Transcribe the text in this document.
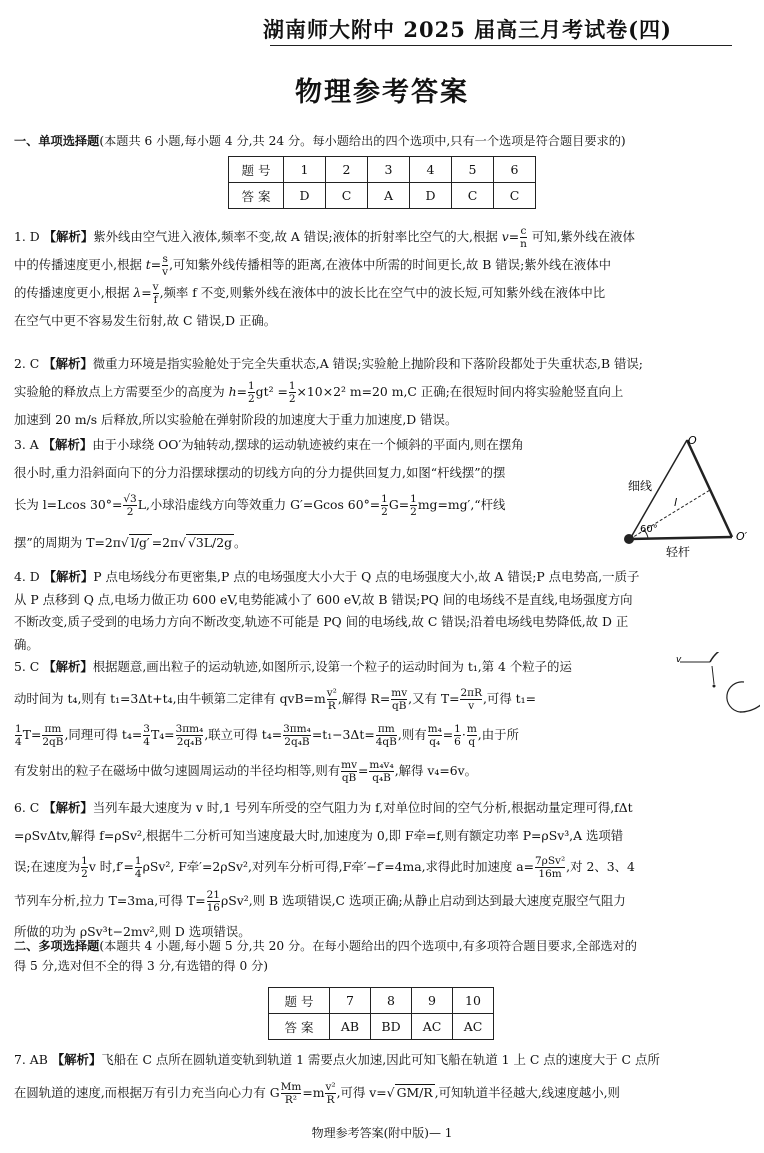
湖南师大附中 2025 届高三月考试卷(四)
物理参考答案
一、单项选择题(本题共 6 小题,每小题 4 分,共 24 分。每小题给出的四个选项中,只有一个选项是符合题目要求的)
题 号	1	2	3	4	5	6
答 案	D	C	A	D	C	C

1. D 【解析】紫外线由空气进入液体,频率不变,故 A 错误;液体的折射率比空气的大,根据 $v= \frac{c}{n}$ 可知,紫外线在液体

中的传播速度更小,根据 $t= \frac{s}{v}$ ,可知紫外线传播相等的距离,在液体中所需的时间更长,故 B 错误;紫外线在液体中

的传播速度更小,根据 $\lambda= \frac{v}{f}$ ,频率 f 不变,则紫外线在液体中的波长比在空气中的波长短,可知紫外线在液体中比

在空气中更不容易发生衍射,故 C 错误,D 正确。

2. C 【解析】微重力环境是指实验舱处于完全失重状态,A 错误;实验舱上抛阶段和下落阶段都处于失重状态,B 错误;

实验舱的释放点上方需要至少的高度为 $h= \frac{1}{2} gt^2 = \frac{1}{2} \times 10\times 2^2$ m=20 m,C 正确;在很短时间内将实验舱竖直向上

加速到 20 m/s 后释放,所以实验舱在弹射阶段的加速度大于重力加速度,D 错误。

3. A 【解析】由于小球绕 OO′为轴转动,摆球的运动轨迹被约束在一个倾斜的平面内,则在摆角

很小时,重力沿斜面向下的分力沿摆球摆动的切线方向的分力提供回复力,如图“杆线摆”的摆

长为 l=Lcos $30^\circ= \frac{√3}{2} L$,小球沿虚线方向等效重力 G′=Gcos $60^\circ= \frac{1}{2} G= \frac{1}{2}$ mg=mg′,“杆线

摆”的周期为 T=2π√ l/g′ =2π√ √3L/2g 。

O
O′
细线
l
60°
轻杆

4. D 【解析】P 点电场线分布更密集,P 点的电场强度大小大于 Q 点的电场强度大小,故 A 错误;P 点电势高,一质子

从 P 点移到 Q 点,电场力做正功 600 eV,电势能减小了 600 eV,故 B 错误;PQ 间的电场线不是直线,电场强度方向

不断改变,质子受到的电场力方向不断改变,轨迹不可能是 PQ 间的电场线,故 C 错误;沿着电场线电势降低,故 D 正

确。

5. C 【解析】根据题意,画出粒子的运动轨迹,如图所示,设第一个粒子的运动时间为 t₁,第 4 个粒子的运

动时间为 t₄,则有 t₁=3Δt+t₄,由牛顿第二定律有 $qvB=m \frac{\text{v²}}{R}$ ,解得 $R= \frac{mv}{qB}$ ,又有 $T= \frac{2\pi R}{v}$ ,可得 t₁=

$\frac{1}{4} T= \frac{\pi m}{2qB}$ ,同理可得 $t_4= \frac{3}{4} T_4= \frac{\text{3πm₄}}{\text{2q₄B}}$ ,联立可得 $t_4= \frac{\text{3πm₄}}{\text{2q₄B}} =t_1-3\Delta t= \frac{\pi m}{4qB}$ ,则有 $\frac{\text{m₄}}{\text{q₄}} = \frac{1}{6} \cdot \frac{m}{q}$ ,由于所

有发射出的粒子在磁场中做匀速圆周运动的半径均相等,则有 $\frac{mv}{qB} = \frac{\text{m₄v₄}}{\text{q₄B}}$ ,解得 v₄=6v。

v

6. C 【解析】当列车最大速度为 v 时,1 号列车所受的空气阻力为 f,对单位时间的空气分析,根据动量定理可得,fΔt

=ρSvΔtv,解得 f=ρSv²,根据牛二分析可知当速度最大时,加速度为 0,即 F牵=f,则有额定功率 P=ρSv³,A 选项错

误;在速度为 $\frac{1}{2}$ v 时$,f'= \frac{1}{4} \rho Sv^2$, F牵′=2ρSv²,对列车分析可得,F牵′−f′=4ma,求得此时加速度 $a= \frac{\text{7ρSv²}}{16m}$ ,对 2、3、4

节列车分析,拉力 T=3ma,可得 $T= \frac{21}{16} \rho Sv^2$,则 B 选项错误,C 选项正确;从静止启动到达到最大速度克服空气阻力

所做的功为 ρSv³t−2mv²,则 D 选项错误。

二、多项选择题(本题共 4 小题,每小题 5 分,共 20 分。在每小题给出的四个选项中,有多项符合题目要求,全部选对的
得 5 分,选对但不全的得 3 分,有选错的得 0 分)
题 号	7	8	9	10
答 案	AB	BD	AC	AC

7. AB 【解析】飞船在 C 点所在圆轨道变轨到轨道 1 需要点火加速,因此可知飞船在轨道 1 上 C 点的速度大于 C 点所

在圆轨道的速度,而根据万有引力充当向心力有 G $\frac{Mm}{\text{R²}} =m \frac{\text{v²}}{R}$ ,可得 v=√ GM/R ,可知轨道半径越大,线速度越小,则

物理参考答案(附中版)— 1
